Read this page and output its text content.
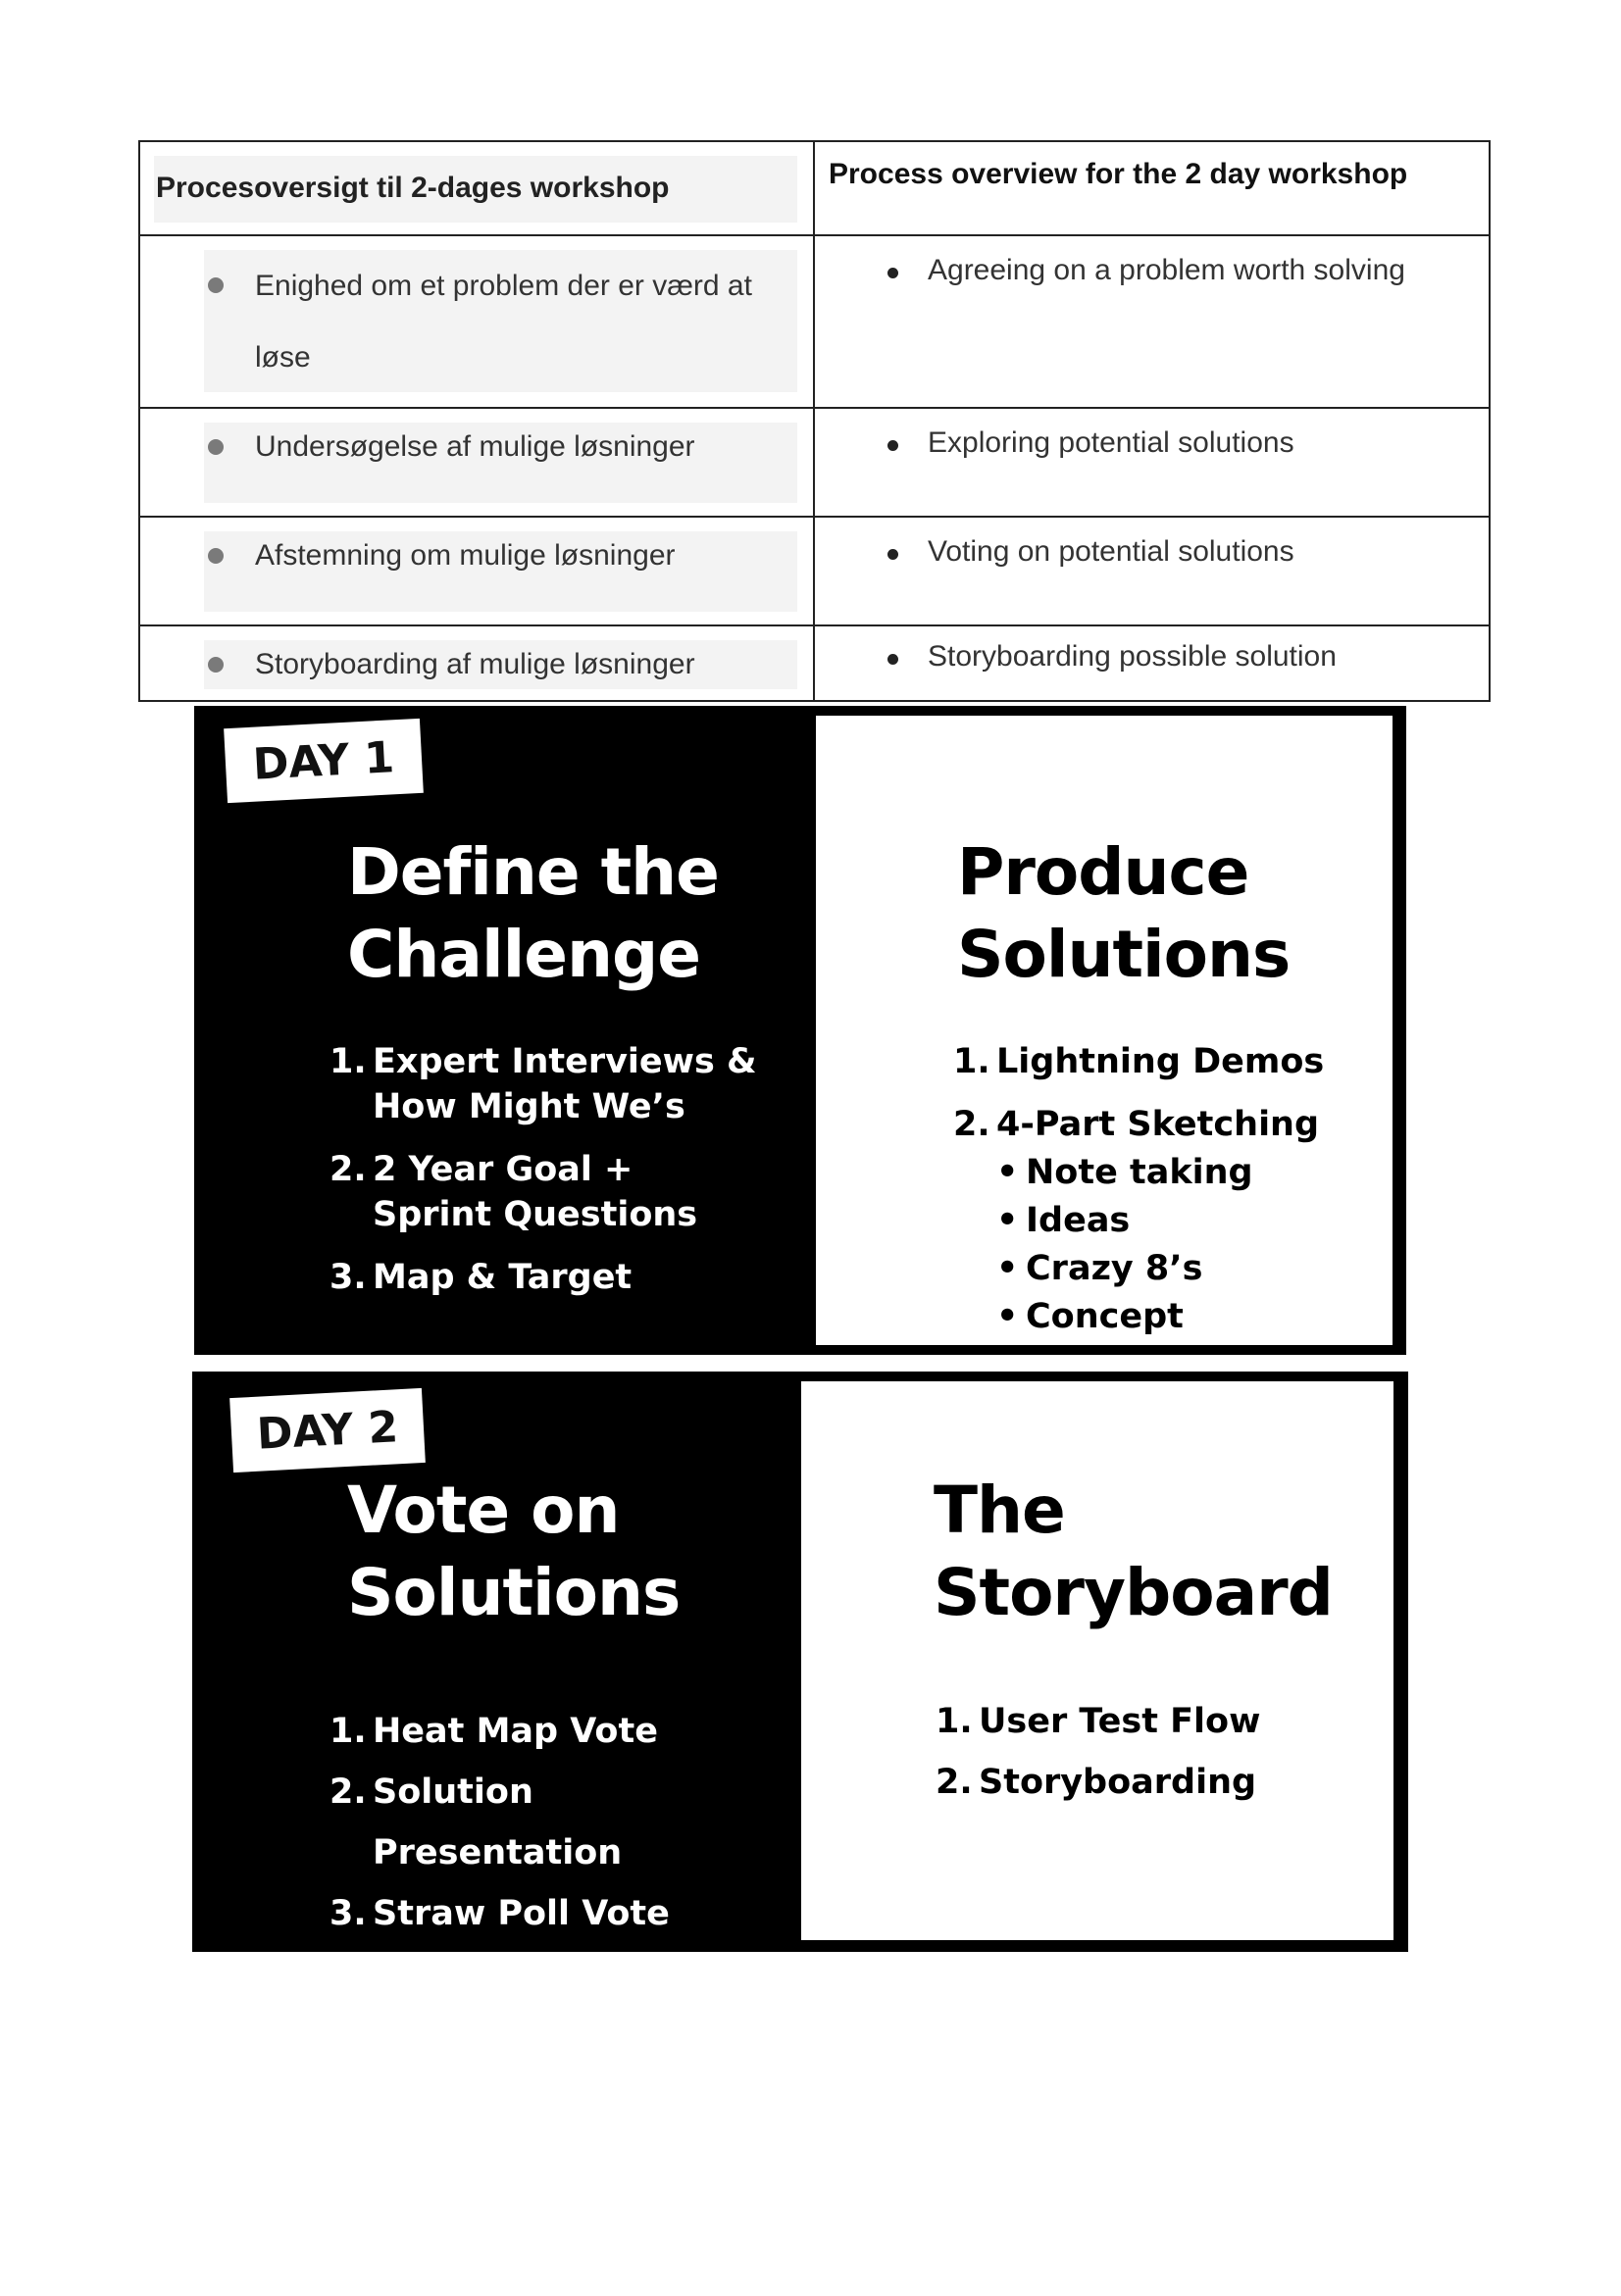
Procesoversigt til 2-dages workshop	Process overview for the 2 day workshop

Enighed om et problem der er værd at
løse	Agreeing on a problem worth solving

Undersøgelse af mulige løsninger	Exploring potential solutions

Afstemning om mulige løsninger	Voting on potential solutions

Storyboarding af mulige løsninger	Storyboarding possible solution
DAY 1
Define the
Challenge
1. Expert Interviews &
How Might We’s
2. 2 Year Goal +
Sprint Questions
3. Map & Target
Produce
Solutions
1. Lightning Demos
2. 4-Part Sketching
• Note taking
• Ideas
• Crazy 8’s
• Concept
DAY 2
Vote on
Solutions
1. Heat Map Vote
2. Solution Presentation
3. Straw Poll Vote
4. Decider Vote
The
Storyboard
1. User Test Flow
2. Storyboarding
